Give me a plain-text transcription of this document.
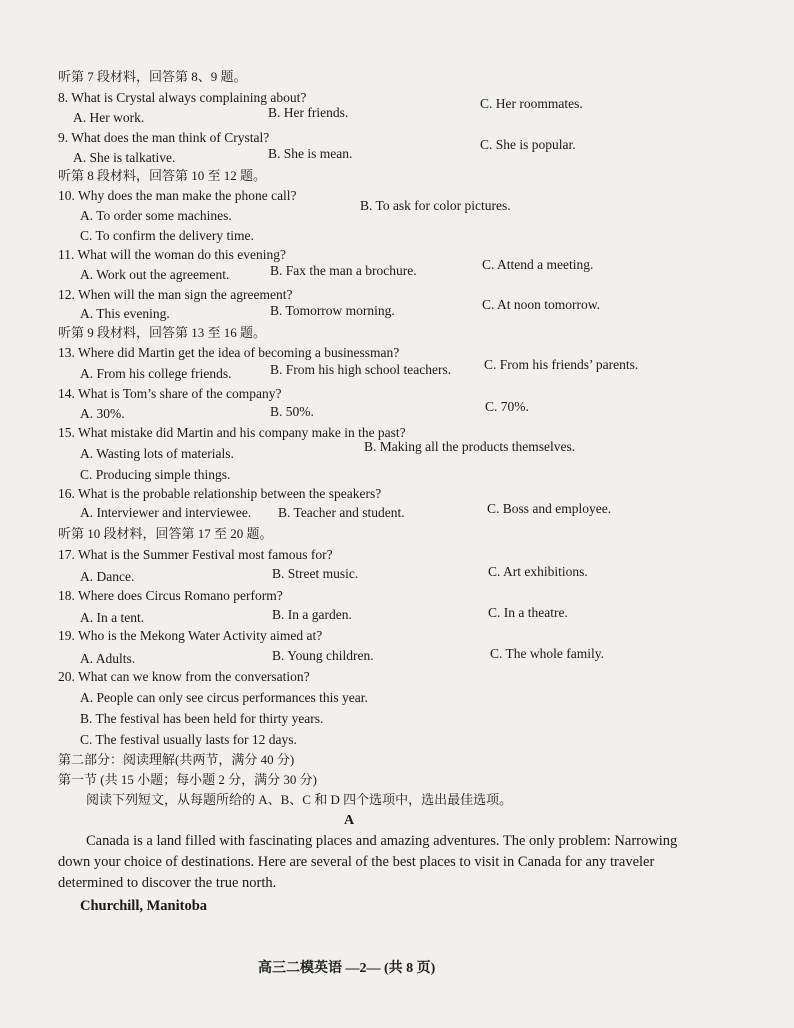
听第 7 段材料，回答第 8、9 题。
8. What is Crystal always complaining about?
A. Her work.	B. Her friends.
C. Her roommates.
9. What does the man think of Crystal?
A. She is talkative.	B. She is mean.
C. She is popular.
听第 8 段材料，回答第 10 至 12 题。
10. Why does the man make the phone call?
A. To order some machines.
B. To ask for color pictures.
C. To confirm the delivery time.
11. What will the woman do this evening?
A. Work out the agreement.	B. Fax the man a brochure.	C. Attend a meeting.
12. When will the man sign the agreement?
A. This evening.	B. Tomorrow morning.	C. At noon tomorrow.
听第 9 段材料，回答第 13 至 16 题。
13. Where did Martin get the idea of becoming a businessman?
A. From his college friends.	B. From his high school teachers. C. From his friends’ parents.
14. What is Tom’s share of the company?
A. 30%.	B. 50%.	C. 70%.
15. What mistake did Martin and his company make in the past?
A. Wasting lots of materials.	B. Making all the products themselves.
C. Producing simple things.
16. What is the probable relationship between the speakers?
A. Interviewer and interviewee. B. Teacher and student.	C. Boss and employee.
听第 10 段材料，回答第 17 至 20 题。
17. What is the Summer Festival most famous for?
A. Dance.	B. Street music.	C. Art exhibitions.
18. Where does Circus Romano perform?
A. In a tent.	B. In a garden.	C. In a theatre.
19. Who is the Mekong Water Activity aimed at?
A. Adults.	B. Young children.	C. The whole family.
20. What can we know from the conversation?
A. People can only see circus performances this year.
B. The festival has been held for thirty years.
C. The festival usually lasts for 12 days.
第二部分：阅读理解(共两节，满分 40 分)
第一节 (共 15 小题；每小题 2 分，满分 30 分)
阅读下列短文，从每题所给的 A、B、C 和 D 四个选项中，选出最佳选项。
A
Canada is a land filled with fascinating places and amazing adventures. The only problem: Narrowing
down your choice of destinations. Here are several of the best places to visit in Canada for any traveler
determined to discover the true north.
Churchill, Manitoba
高三二模英语 —2— (共 8 页)
